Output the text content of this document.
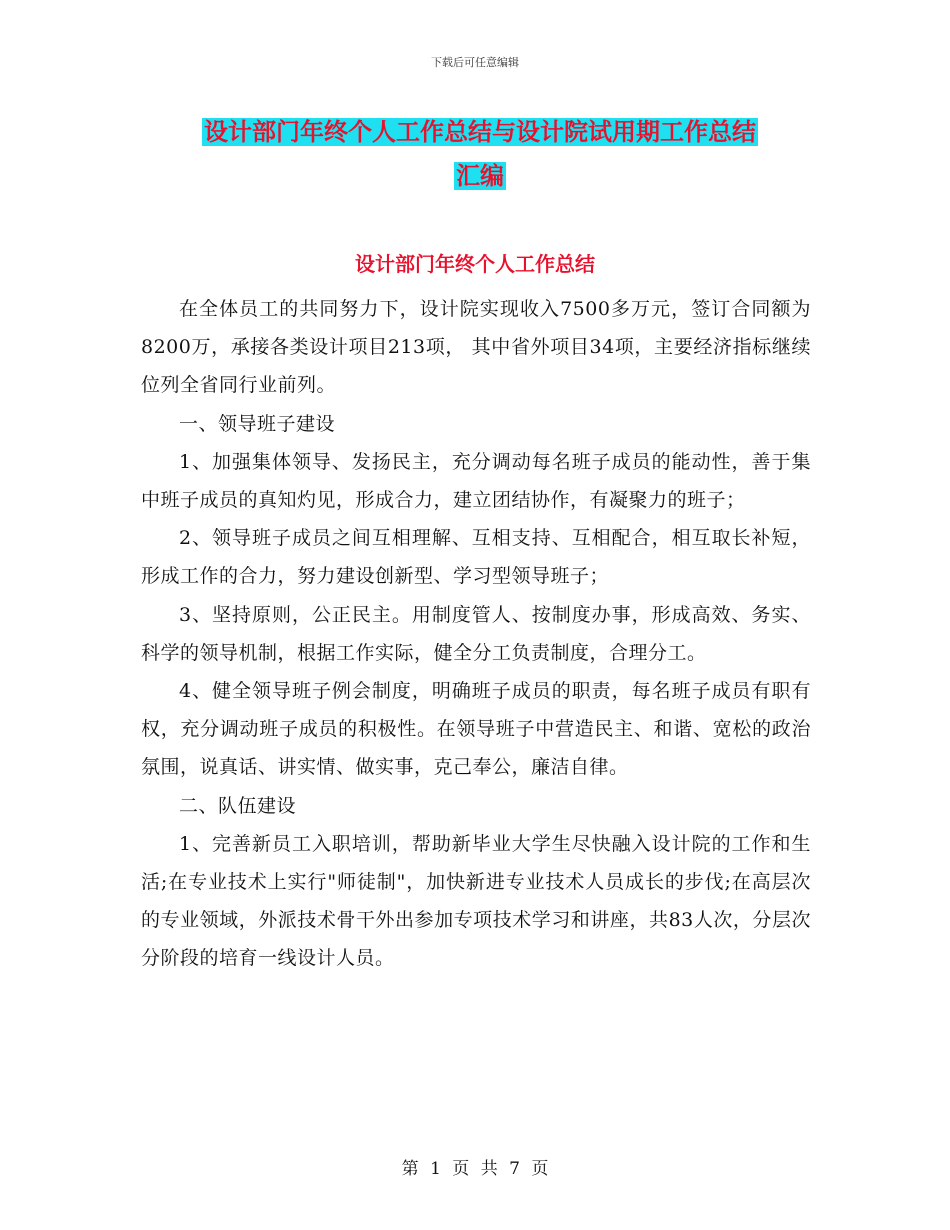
下载后可任意编辑
设计部门年终个人工作总结与设计院试用期工作总结
汇编
设计部门年终个人工作总结

在全体员工的共同努力下，设计院实现收入7500多万元，签订合同额为8200万，承接各类设计项目213项， 其中省外项目34项，主要经济指标继续位列全省同行业前列。

一、领导班子建设

1、加强集体领导、发扬民主，充分调动每名班子成员的能动性，善于集中班子成员的真知灼见，形成合力，建立团结协作，有凝聚力的班子；

2、领导班子成员之间互相理解、互相支持、互相配合，相互取长补短，形成工作的合力，努力建设创新型、学习型领导班子；

3、坚持原则，公正民主。用制度管人、按制度办事，形成高效、务实、科学的领导机制，根据工作实际，健全分工负责制度，合理分工。

4、健全领导班子例会制度，明确班子成员的职责，每名班子成员有职有权，充分调动班子成员的积极性。在领导班子中营造民主、和谐、宽松的政治氛围，说真话、讲实情、做实事，克己奉公，廉洁自律。

二、队伍建设

1、完善新员工入职培训，帮助新毕业大学生尽快融入设计院的工作和生活;在专业技术上实行"师徒制"，加快新进专业技术人员成长的步伐;在高层次的专业领域，外派技术骨干外出参加专项技术学习和讲座，共83人次，分层次分阶段的培育一线设计人员。

第 1 页 共 7 页
